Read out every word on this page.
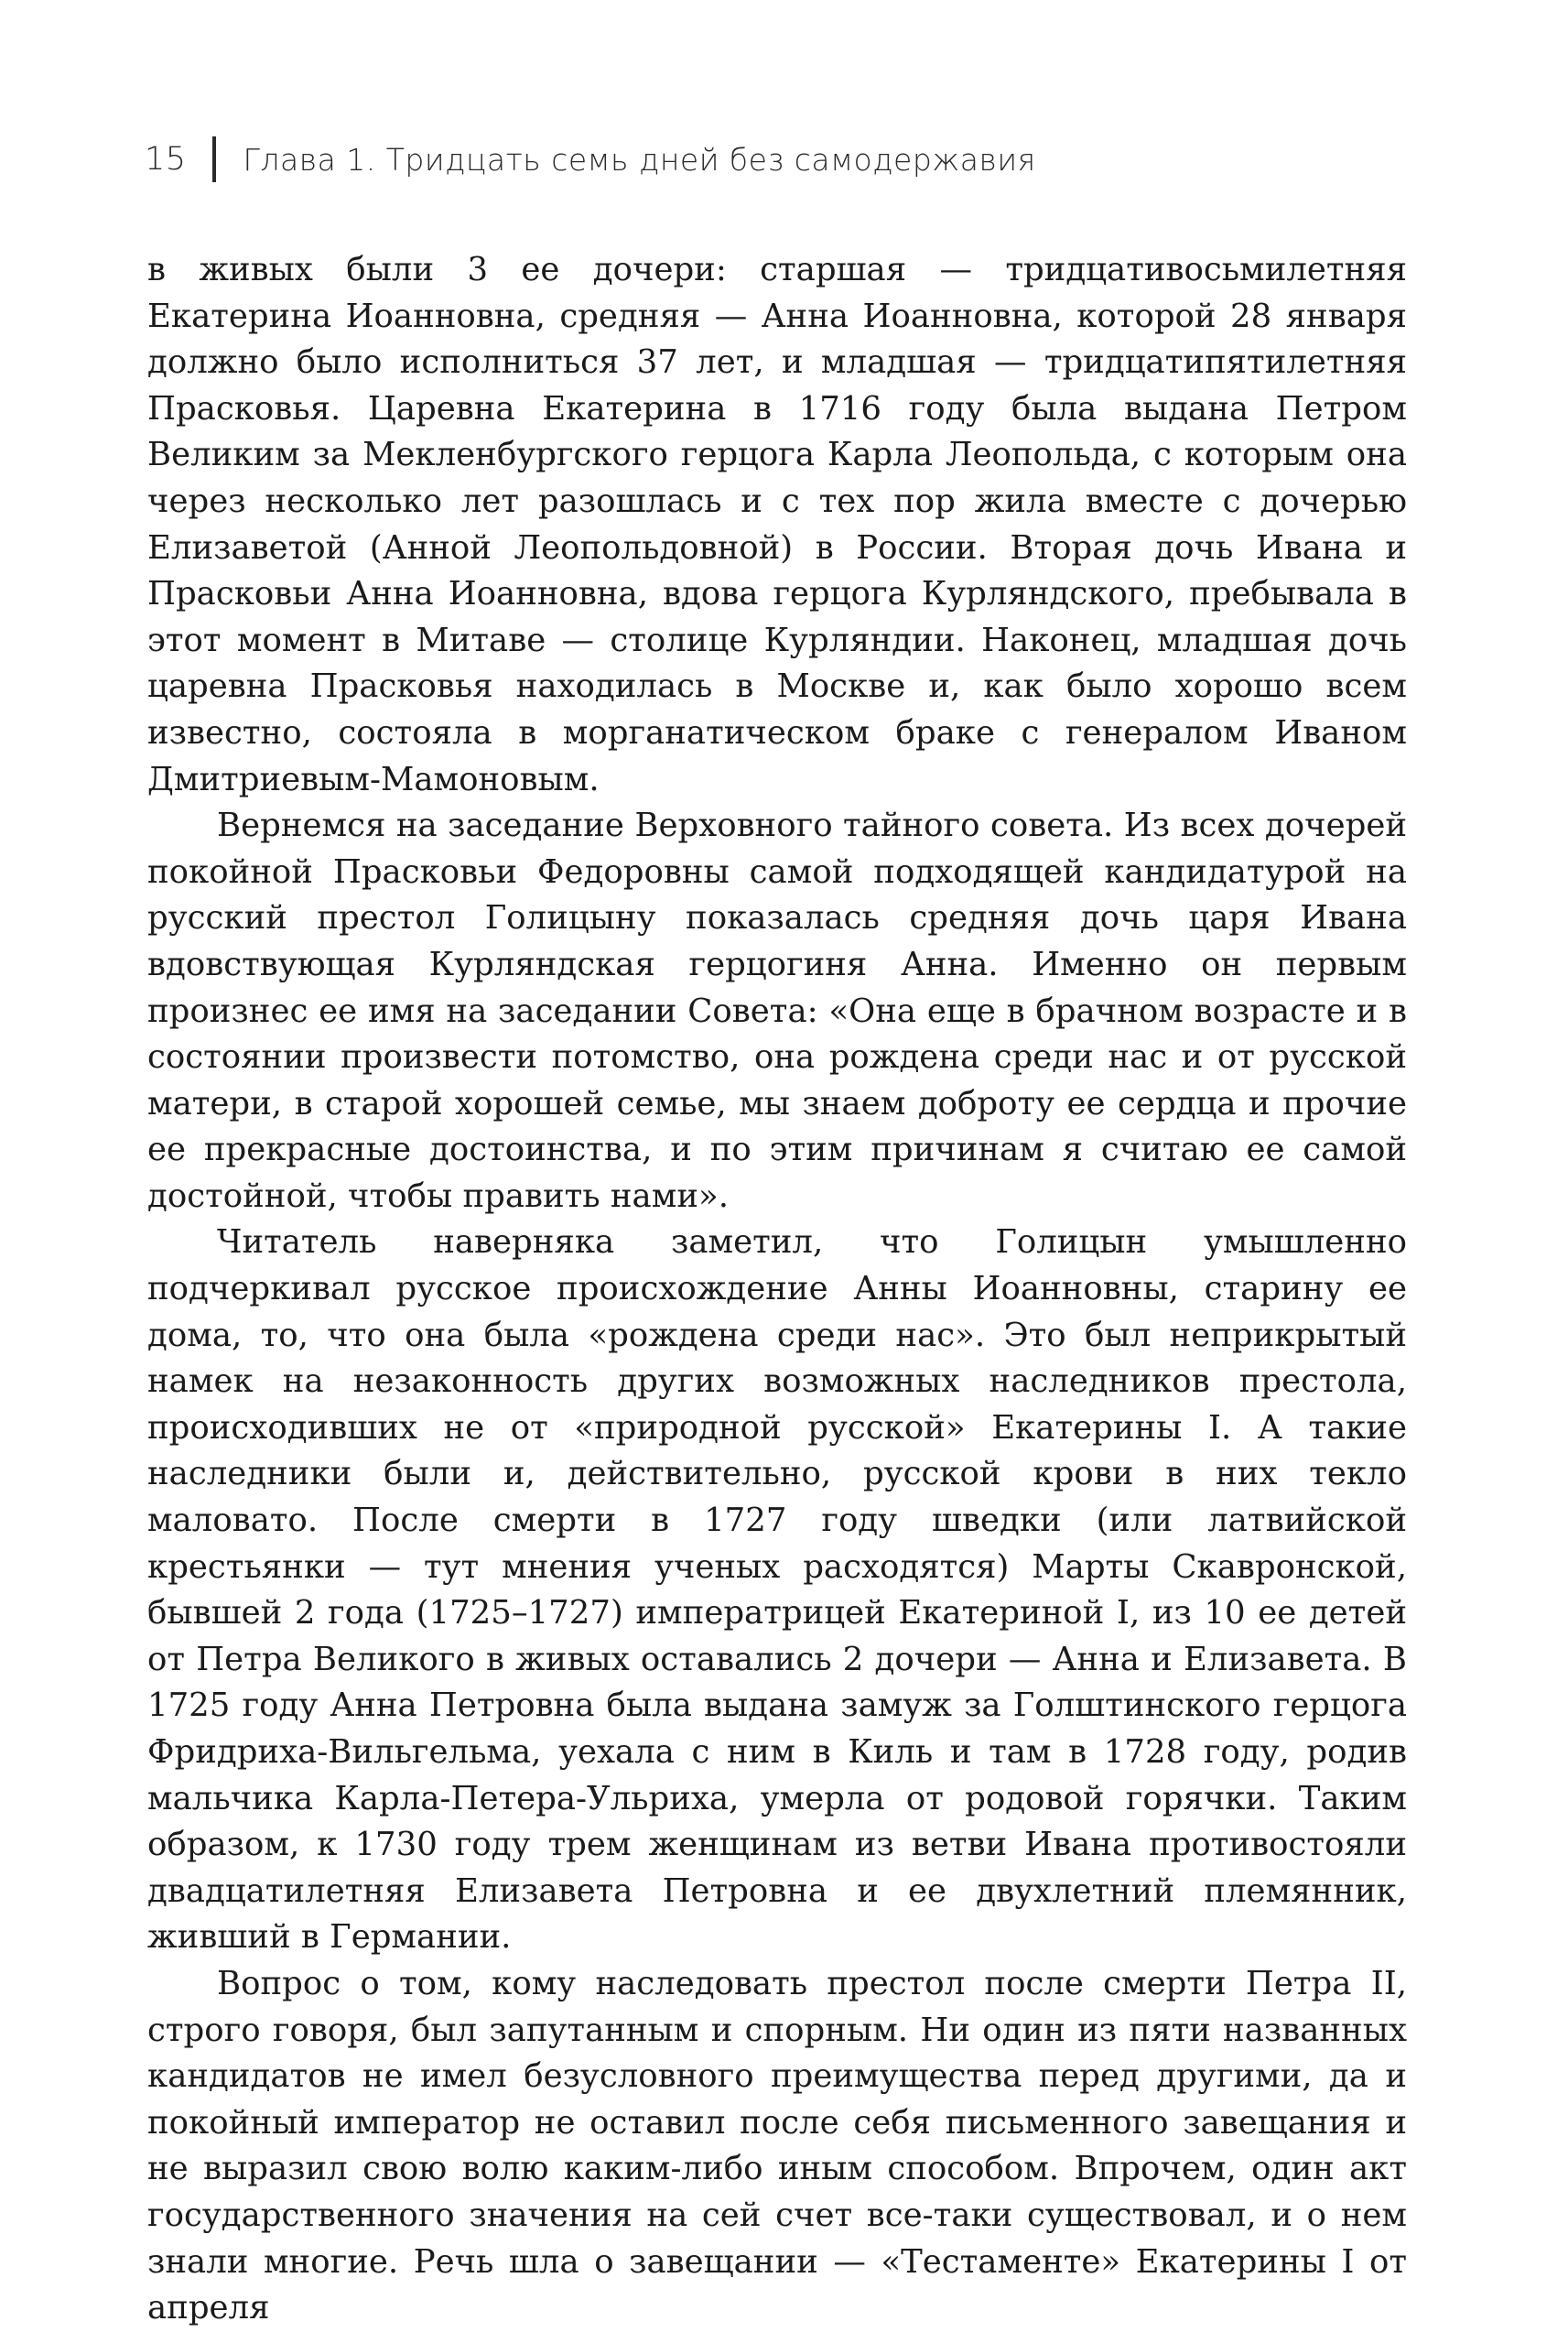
15 Глава 1. Тридцать семь дней без самодержавия

в живых были 3 ее дочери: старшая — тридцативосьмилетняя Екатерина Иоанновна, средняя — Анна Иоанновна, которой 28 января должно было исполниться 37 лет, и младшая — тридцатипятилетняя Прасковья. Царевна Екатерина в 1716 году была выдана Петром Великим за Мекленбургского герцога Карла Леопольда, с которым она через несколько лет разошлась и с тех пор жила вместе с дочерью Елизаветой (Анной Леопольдовной) в России. Вторая дочь Ивана и Прасковьи Анна Иоанновна, вдова герцога Курляндского, пребывала в этот момент в Митаве — столице Курляндии. Наконец, младшая дочь царевна Прасковья находилась в Москве и, как было хорошо всем известно, состояла в морганатическом браке с генералом Иваном Дмитриевым-Мамоновым.

Вернемся на заседание Верховного тайного совета. Из всех дочерей покойной Прасковьи Федоровны самой подходящей кандидатурой на русский престол Голицыну показалась средняя дочь царя Ивана вдовствующая Курляндская герцогиня Анна. Именно он первым произнес ее имя на заседании Совета: «Она еще в брачном возрасте и в состоянии произвести потомство, она рождена среди нас и от русской матери, в старой хорошей семье, мы знаем доброту ее сердца и прочие ее прекрасные достоинства, и по этим причинам я считаю ее самой достойной, чтобы править нами».

Читатель наверняка заметил, что Голицын умышленно подчеркивал русское происхождение Анны Иоанновны, старину ее дома, то, что она была «рождена среди нас». Это был неприкрытый намек на незаконность других возможных наследников престола, происходивших не от «природной русской» Екатерины I. А такие наследники были и, действительно, русской крови в них текло маловато. После смерти в 1727 году шведки (или латвийской крестьянки — тут мнения ученых расходятся) Марты Скавронской, бывшей 2 года (1725–1727) императрицей Екатериной I, из 10 ее детей от Петра Великого в живых оставались 2 дочери — Анна и Елизавета. В 1725 году Анна Петровна была выдана замуж за Голштинского герцога Фридриха-Вильгельма, уехала с ним в Киль и там в 1728 году, родив мальчика Карла-Петера-Ульриха, умерла от родовой горячки. Таким образом, к 1730 году трем женщинам из ветви Ивана противостояли двадцатилетняя Елизавета Петровна и ее двухлетний племянник, живший в Германии.

Вопрос о том, кому наследовать престол после смерти Петра II, строго говоря, был запутанным и спорным. Ни один из пяти названных кандидатов не имел безусловного преимущества перед другими, да и покойный император не оставил после себя письменного завещания и не выразил свою волю каким-либо иным способом. Впрочем, один акт государственного значения на сей счет все-таки существовал, и о нем знали многие. Речь шла о завещании — «Тестаменте» Екатерины I от апреля
